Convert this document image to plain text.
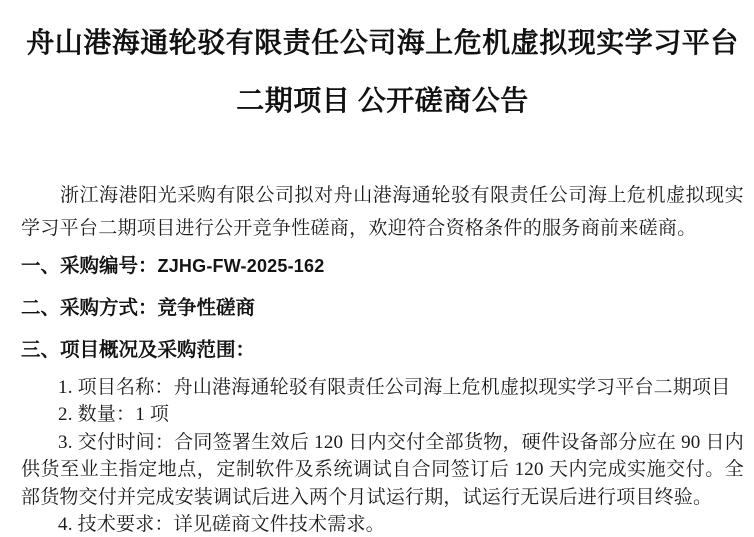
舟山港海通轮驳有限责任公司海上危机虚拟现实学习平台
二期项目 公开磋商公告

浙江海港阳光采购有限公司拟对舟山港海通轮驳有限责任公司海上危机虚拟现实学习平台二期项目进行公开竞争性磋商，欢迎符合资格条件的服务商前来磋商。

一、采购编号：ZJHG-FW-2025-162

二、采购方式：竞争性磋商

三、项目概况及采购范围：

1. 项目名称：舟山港海通轮驳有限责任公司海上危机虚拟现实学习平台二期项目

2. 数量：1 项

3. 交付时间：合同签署生效后 120 日内交付全部货物，硬件设备部分应在 90 日内供货至业主指定地点，定制软件及系统调试自合同签订后 120 天内完成实施交付。全部货物交付并完成安装调试后进入两个月试运行期，试运行无误后进行项目终验。

4. 技术要求：详见磋商文件技术需求。
